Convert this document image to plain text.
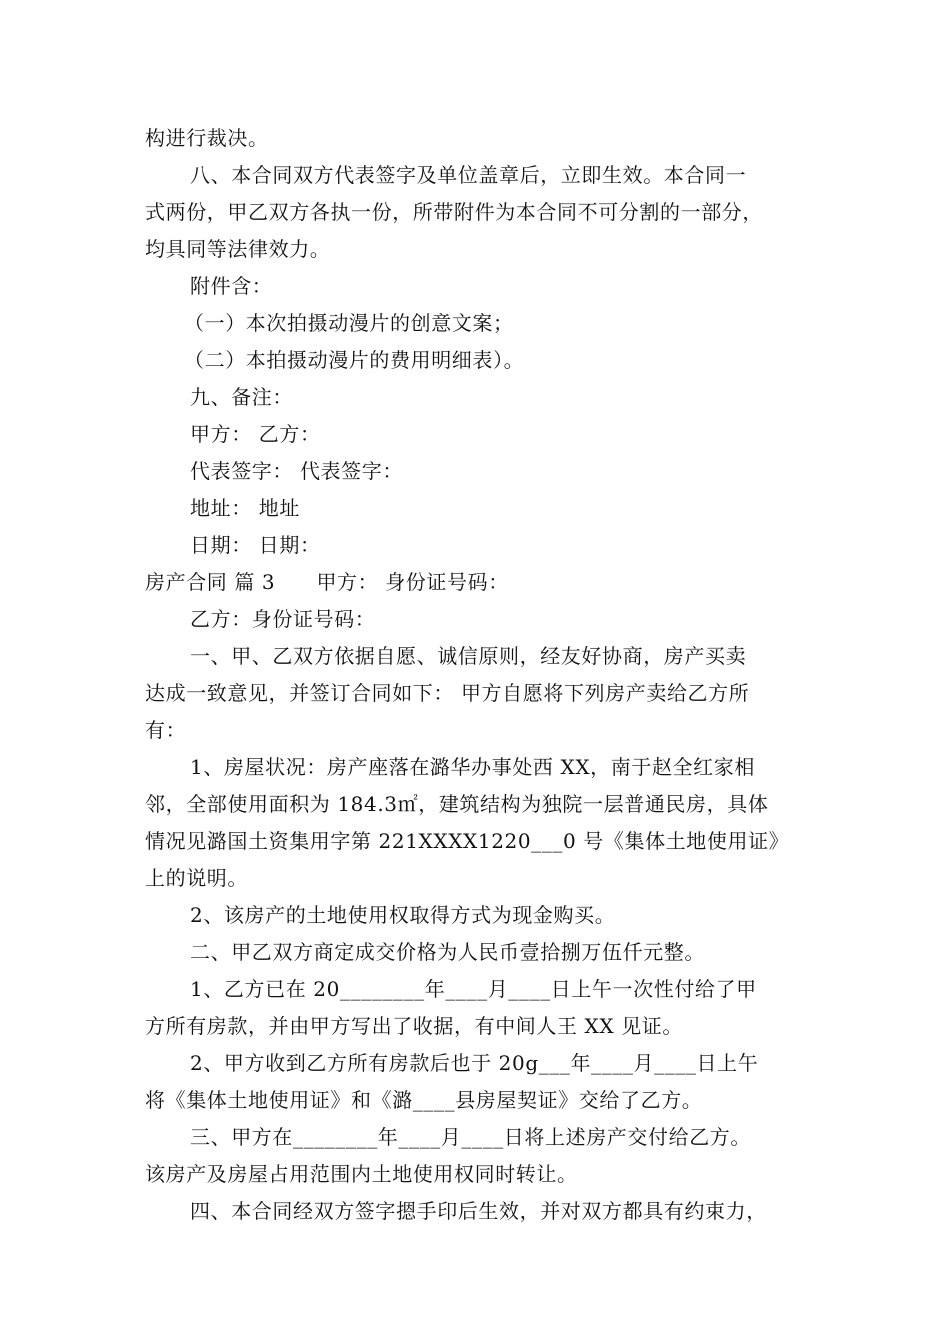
构进行裁决。
八、本合同双方代表签字及单位盖章后，立即生效。本合同一
式两份，甲乙双方各执一份，所带附件为本合同不可分割的一部分，
均具同等法律效力。
附件含：
（一）本次拍摄动漫片的创意文案；
（二）本拍摄动漫片的费用明细表）。
九、备注：
甲方： 乙方：
代表签字： 代表签字：
地址： 地址
日期： 日期：
房产合同 篇 3　　甲方： 身份证号码：
乙方：身份证号码：
一、甲、乙双方依据自愿、诚信原则，经友好协商，房产买卖
达成一致意见，并签订合同如下： 甲方自愿将下列房产卖给乙方所
有：
1、房屋状况：房产座落在潞华办事处西 XX，南于赵全红家相
邻，全部使用面积为 184.3㎡，建筑结构为独院一层普通民房，具体
情况见潞国土资集用字第 221XXXX1220___0 号《集体土地使用证》
上的说明。
2、该房产的土地使用权取得方式为现金购买。
二、甲乙双方商定成交价格为人民币壹拾捌万伍仟元整。
1、乙方已在 20________年____月____日上午一次性付给了甲
方所有房款，并由甲方写出了收据，有中间人王 XX 见证。
2、甲方收到乙方所有房款后也于 20g___年____月____日上午
将《集体土地使用证》和《潞____县房屋契证》交给了乙方。
三、甲方在________年____月____日将上述房产交付给乙方。
该房产及房屋占用范围内土地使用权同时转让。
四、本合同经双方签字摁手印后生效，并对双方都具有约束力，
